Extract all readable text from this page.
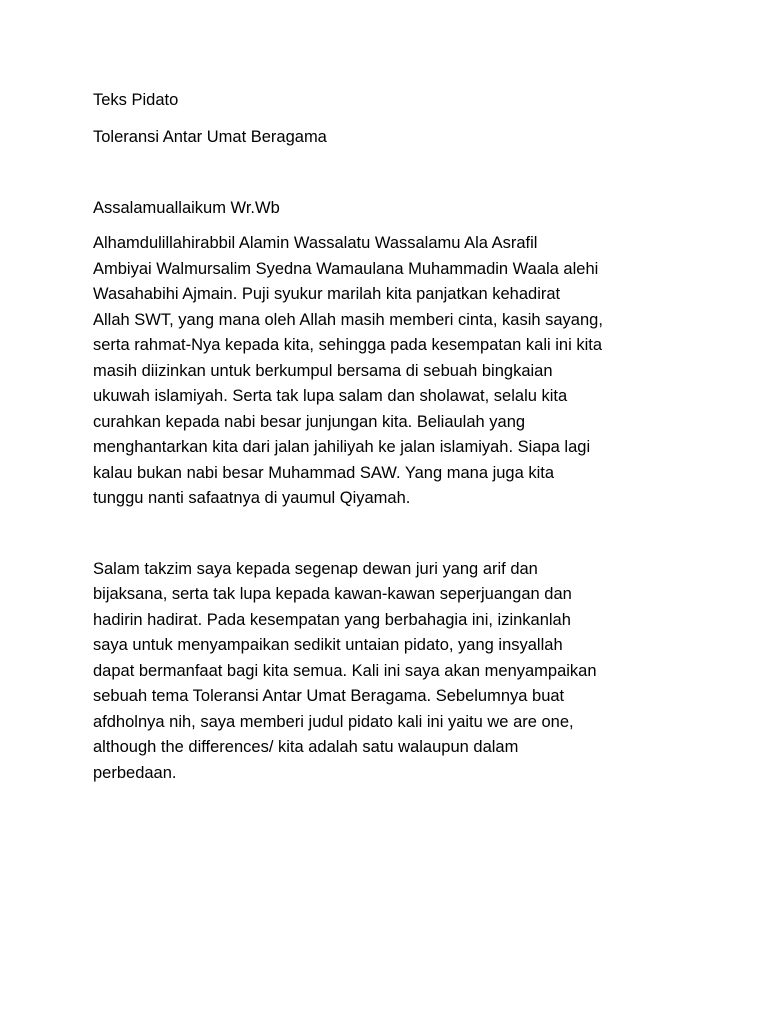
Teks Pidato
Toleransi Antar Umat Beragama
Assalamuallaikum Wr.Wb
Alhamdulillahirabbil Alamin Wassalatu Wassalamu Ala Asrafil
Ambiyai Walmursalim Syedna Wamaulana Muhammadin Waala alehi
Wasahabihi Ajmain. Puji syukur marilah kita panjatkan kehadirat
Allah SWT, yang mana oleh Allah masih memberi cinta, kasih sayang,
serta rahmat-Nya kepada kita, sehingga pada kesempatan kali ini kita
masih diizinkan untuk berkumpul bersama di sebuah bingkaian
ukuwah islamiyah. Serta tak lupa salam dan sholawat, selalu kita
curahkan kepada nabi besar junjungan kita. Beliaulah yang
menghantarkan kita dari jalan jahiliyah ke jalan islamiyah. Siapa lagi
kalau bukan nabi besar Muhammad SAW. Yang mana juga kita
tunggu nanti safaatnya di yaumul Qiyamah.
Salam takzim saya kepada segenap dewan juri yang arif dan
bijaksana, serta tak lupa kepada kawan-kawan seperjuangan dan
hadirin hadirat. Pada kesempatan yang berbahagia ini, izinkanlah
saya untuk menyampaikan sedikit untaian pidato, yang insyallah
dapat bermanfaat bagi kita semua. Kali ini saya akan menyampaikan
sebuah tema Toleransi Antar Umat Beragama. Sebelumnya buat
afdholnya nih, saya memberi judul pidato kali ini yaitu we are one,
although the differences/ kita adalah satu walaupun dalam
perbedaan.
